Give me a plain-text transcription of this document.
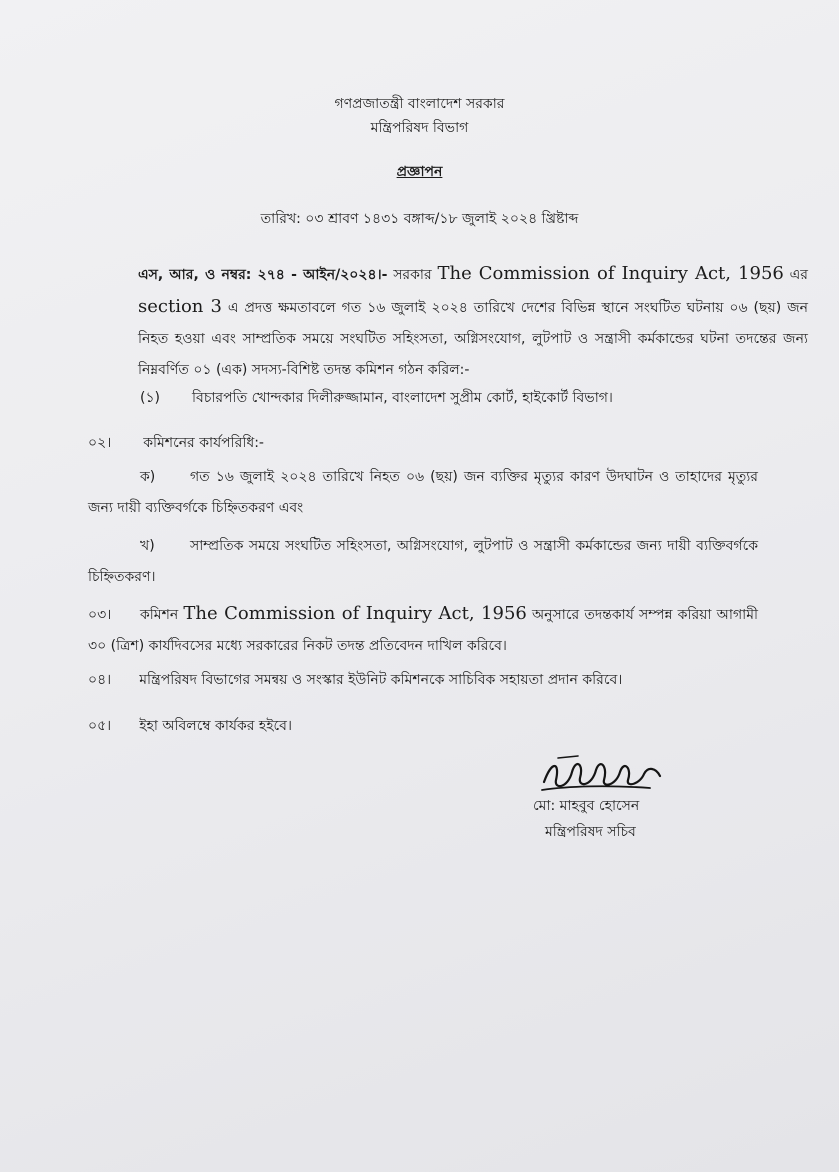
গণপ্রজাতন্ত্রী বাংলাদেশ সরকার
মন্ত্রিপরিষদ বিভাগ
প্রজ্ঞাপন
তারিখ: ০৩ শ্রাবণ ১৪৩১ বঙ্গাব্দ/১৮ জুলাই ২০২৪ খ্রিষ্টাব্দ
এস, আর, ও নম্বর: ২৭৪ - আইন/২০২৪।- সরকার The Commission of Inquiry Act, 1956 এর section 3 এ প্রদত্ত ক্ষমতাবলে গত ১৬ জুলাই ২০২৪ তারিখে দেশের বিভিন্ন স্থানে সংঘটিত ঘটনায় ০৬ (ছয়) জন নিহত হওয়া এবং সাম্প্রতিক সময়ে সংঘটিত সহিংসতা, অগ্নিসংযোগ, লুটপাট ও সন্ত্রাসী কর্মকান্ডের ঘটনা তদন্তের জন্য নিম্নবর্ণিত ০১ (এক) সদস্য-বিশিষ্ট তদন্ত কমিশন গঠন করিল:-
(১) বিচারপতি খোন্দকার দিলীরুজ্জামান, বাংলাদেশ সুপ্রীম কোর্ট, হাইকোর্ট বিভাগ।
০২। কমিশনের কার্যপরিধি:-
ক) গত ১৬ জুলাই ২০২৪ তারিখে নিহত ০৬ (ছয়) জন ব্যক্তির মৃত্যুর কারণ উদঘাটন ও তাহাদের মৃত্যুর জন্য দায়ী ব্যক্তিবর্গকে চিহ্নিতকরণ এবং
খ)	সাম্প্রতিক সময়ে সংঘটিত সহিংসতা, অগ্নিসংযোগ, লুটপাট ও সন্ত্রাসী কর্মকান্ডের জন্য দায়ী ব্যক্তিবর্গকে চিহ্নিতকরণ।
০৩। কমিশন The Commission of Inquiry Act, 1956 অনুসারে তদন্তকার্য সম্পন্ন করিয়া আগামী ৩০ (ত্রিশ) কার্যদিবসের মধ্যে সরকারের নিকট তদন্ত প্রতিবেদন দাখিল করিবে।
০৪। মন্ত্রিপরিষদ বিভাগের সমন্বয় ও সংস্কার ইউনিট কমিশনকে সাচিবিক সহায়তা প্রদান করিবে।
০৫। ইহা অবিলম্বে কার্যকর হইবে।
মো: মাহবুব হোসেন
মন্ত্রিপরিষদ সচিব
